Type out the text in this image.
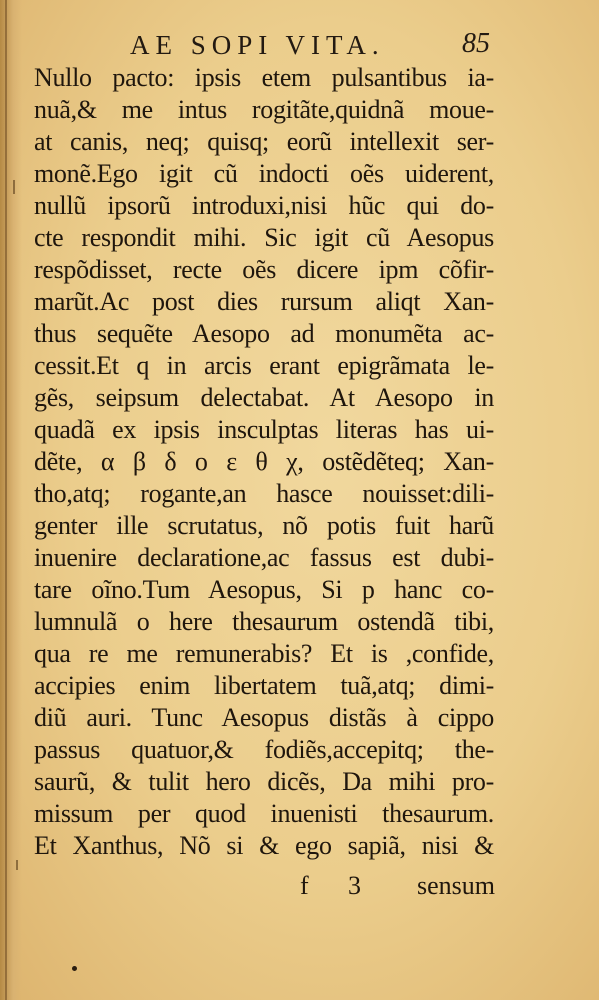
AE SOPI VITA.	85
Nullo pacto: ipsis etem pulsantibus ia-
nuã,& me intus rogitãte,quidnã moue-
at canis, neq; quisq; eorũ intellexit ser-
monẽ.Ego igit cũ indocti oẽs uiderent,
nullũ ipsorũ introduxi,nisi hũc qui do-
cte respondit mihi. Sic igit cũ Aesopus
respõdisset, recte oẽs dicere ipm cõfir-
marũt.Ac post dies rursum aliqt Xan-
thus sequẽte Aesopo ad monumẽta ac-
cessit.Et q in arcis erant epigrãmata le-
gẽs, seipsum delectabat. At Aesopo in
quadã ex ipsis insculptas literas has ui-
dẽte, α β δ ο ε θ χ, ostẽdẽteq; Xan-
tho,atq; rogante,an hasce nouisset:dili-
genter ille scrutatus, nõ potis fuit harũ
inuenire declaratione,ac fassus est dubi-
tare oĩno.Tum Aesopus, Si p hanc co-
lumnulã o here thesaurum ostendã tibi,
qua re me remunerabis? Et is ,confide,
accipies enim libertatem tuã,atq; dimi-
diũ auri. Tunc Aesopus distãs à cippo
passus quatuor,& fodiẽs,accepitq; the-
saurũ, & tulit hero dicẽs, Da mihi pro-
missum per quod inuenisti thesaurum.
Et Xanthus, Nõ si & ego sapiã, nisi &
f 3 sensum
